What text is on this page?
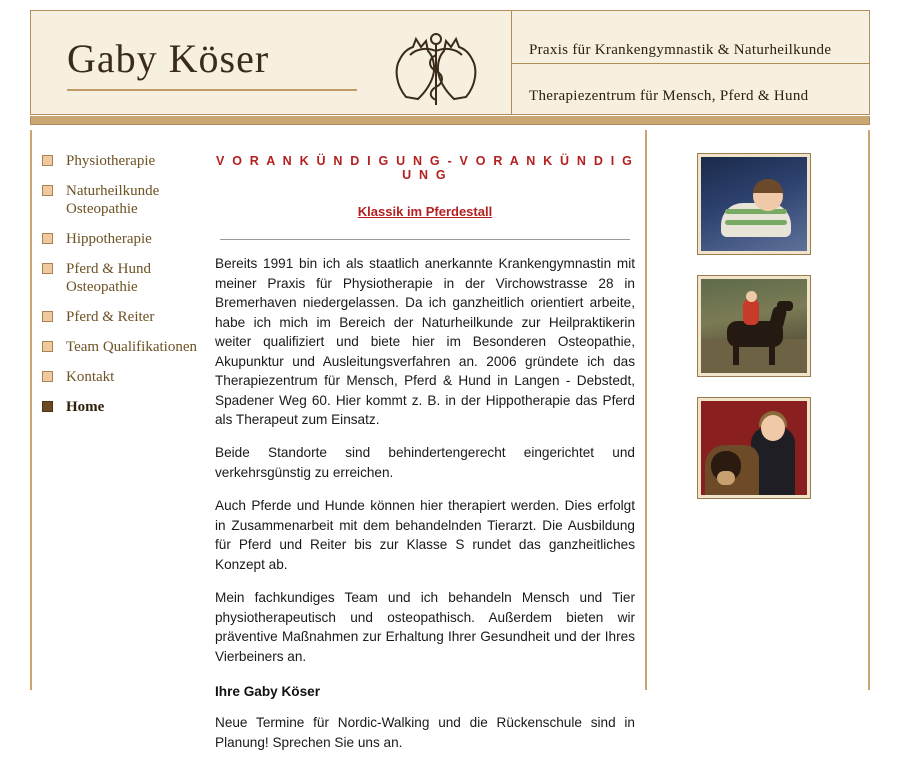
Gaby Köser	Praxis für Krankengymnastik & Naturheilkunde
Therapiezentrum für Mensch, Pferd & Hund
Physiotherapie
Naturheilkunde Osteopathie
Hippotherapie
Pferd & Hund Osteopathie
Pferd & Reiter
Team Qualifikationen
Kontakt
Home
V O R A N K Ü N D I G U N G - V O R A N K Ü N D I G U N G
Klassik im Pferdestall

Bereits 1991 bin ich als staatlich anerkannte Krankengymnastin mit meiner Praxis für Physiotherapie in der Virchowstrasse 28 in Bremerhaven niedergelassen. Da ich ganzheitlich orientiert arbeite, habe ich mich im Bereich der Naturheilkunde zur Heilpraktikerin weiter qualifiziert und biete hier im Besonderen Osteopathie, Akupunktur und Ausleitungsverfahren an. 2006 gründete ich das Therapiezentrum für Mensch, Pferd & Hund in Langen - Debstedt, Spadener Weg 60. Hier kommt z. B. in der Hippotherapie das Pferd als Therapeut zum Einsatz.

Beide Standorte sind behindertengerecht eingerichtet und verkehrsgünstig zu erreichen.

Auch Pferde und Hunde können hier therapiert werden. Dies erfolgt in Zusammenarbeit mit dem behandelnden Tierarzt. Die Ausbildung für Pferd und Reiter bis zur Klasse S rundet das ganzheitliches Konzept ab.

Mein fachkundiges Team und ich behandeln Mensch und Tier physiotherapeutisch und osteopathisch. Außerdem bieten wir präventive Maßnahmen zur Erhaltung Ihrer Gesundheit und der Ihres Vierbeiners an.

Ihre Gaby Köser

Neue Termine für Nordic-Walking und die Rückenschule sind in Planung! Sprechen Sie uns an.
